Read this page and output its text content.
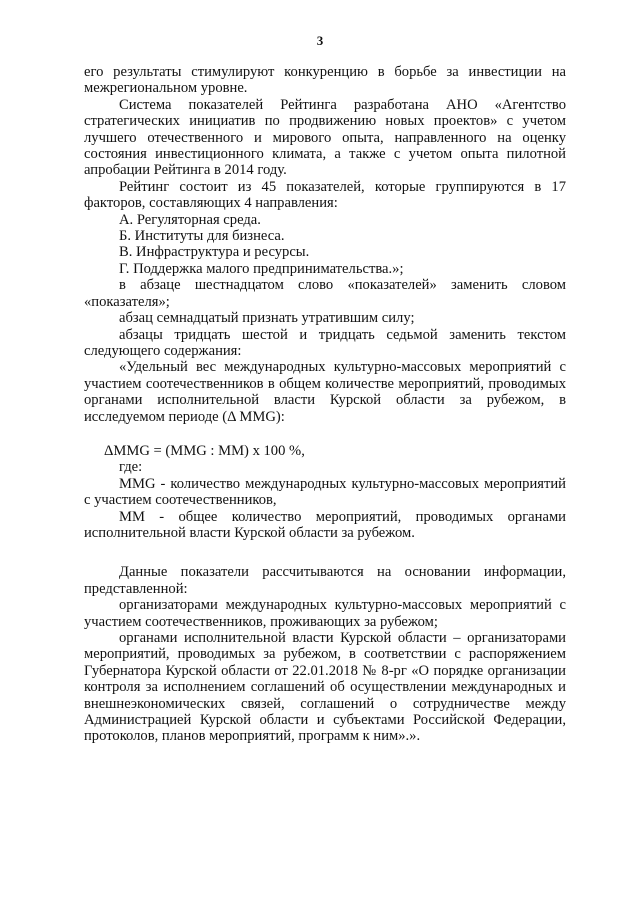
3

его результаты стимулируют конкуренцию в борьбе за инвестиции на межрегиональном уровне.

Система показателей Рейтинга разработана АНО «Агентство стратегических инициатив по продвижению новых проектов» с учетом лучшего отечественного и мирового опыта, направленного на оценку состояния инвестиционного климата, а также с учетом опыта пилотной апробации Рейтинга в 2014 году.

Рейтинг состоит из 45 показателей, которые группируются в 17 факторов, составляющих 4 направления:

А. Регуляторная среда.

Б. Институты для бизнеса.

В. Инфраструктура и ресурсы.

Г. Поддержка малого предпринимательства.»;

в абзаце шестнадцатом слово «показателей» заменить словом «показателя»;

абзац семнадцатый признать утратившим силу;

абзацы тридцать шестой и тридцать седьмой заменить текстом следующего содержания:

«Удельный вес международных культурно-массовых мероприятий с участием соотечественников в общем количестве мероприятий, проводимых органами исполнительной власти Курской области за рубежом, в исследуемом периоде (Δ MMG):

ΔMMG = (MMG : MM) x 100 %,

где:

MMG - количество международных культурно-массовых мероприятий с участием соотечественников,

MM - общее количество мероприятий, проводимых органами исполнительной власти Курской области за рубежом.

Данные показатели рассчитываются на основании информации, представленной:

организаторами международных культурно-массовых мероприятий с участием соотечественников, проживающих за рубежом;

органами исполнительной власти Курской области – организаторами мероприятий, проводимых за рубежом, в соответствии с распоряжением Губернатора Курской области от 22.01.2018 № 8-рг «О порядке организации контроля за исполнением соглашений об осуществлении международных и внешнеэкономических связей, соглашений о сотрудничестве между Администрацией Курской области и субъектами Российской Федерации, протоколов, планов мероприятий, программ к ним».».
